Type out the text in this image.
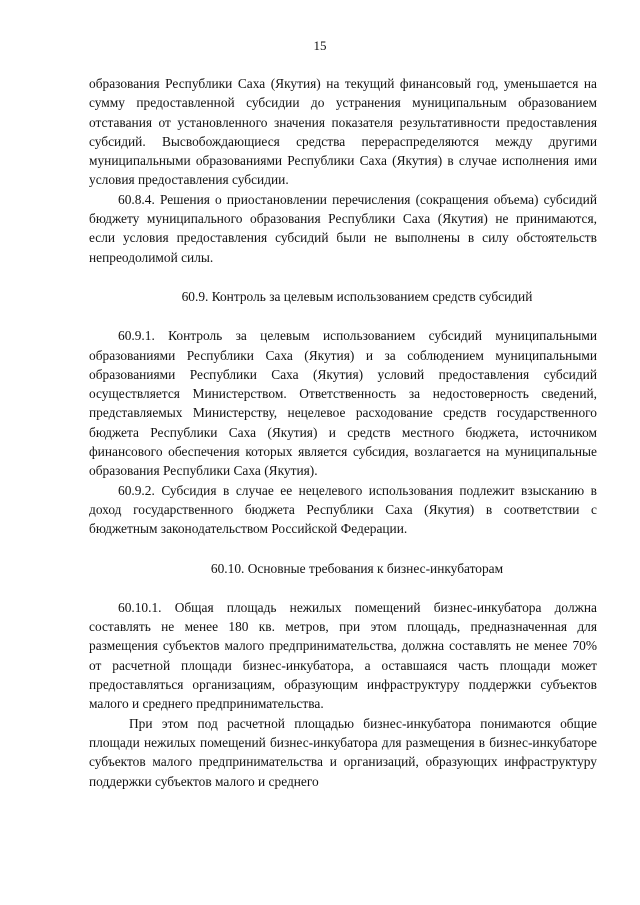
15

образования Республики Саха (Якутия) на текущий финансовый год, уменьшается на сумму предоставленной субсидии до устранения муниципальным образованием отставания от установленного значения показателя результативности предоставления субсидий. Высвобождающиеся средства перераспределяются между другими муниципальными образованиями Республики Саха (Якутия) в случае исполнения ими условия предоставления субсидии.

60.8.4. Решения о приостановлении перечисления (сокращения объема) субсидий бюджету муниципального образования Республики Саха (Якутия) не принимаются, если условия предоставления субсидий были не выполнены в силу обстоятельств непреодолимой силы.

60.9. Контроль за целевым использованием средств субсидий

60.9.1. Контроль за целевым использованием субсидий муниципальными образованиями Республики Саха (Якутия) и за соблюдением муниципальными образованиями Республики Саха (Якутия) условий предоставления субсидий осуществляется Министерством. Ответственность за недостоверность сведений, представляемых Министерству, нецелевое расходование средств государственного бюджета Республики Саха (Якутия) и средств местного бюджета, источником финансового обеспечения которых является субсидия, возлагается на муниципальные образования Республики Саха (Якутия).

60.9.2. Субсидия в случае ее нецелевого использования подлежит взысканию в доход государственного бюджета Республики Саха (Якутия) в соответствии с бюджетным законодательством Российской Федерации.

60.10. Основные требования к бизнес-инкубаторам

60.10.1. Общая площадь нежилых помещений бизнес-инкубатора должна составлять не менее 180 кв. метров, при этом площадь, предназначенная для размещения субъектов малого предпринимательства, должна составлять не менее 70% от расчетной площади бизнес-инкубатора, а оставшаяся часть площади может предоставляться организациям, образующим инфраструктуру поддержки субъектов малого и среднего предпринимательства.

При этом под расчетной площадью бизнес-инкубатора понимаются общие площади нежилых помещений бизнес-инкубатора для размещения в бизнес-инкубаторе субъектов малого предпринимательства и организаций, образующих инфраструктуру поддержки субъектов малого и среднего
